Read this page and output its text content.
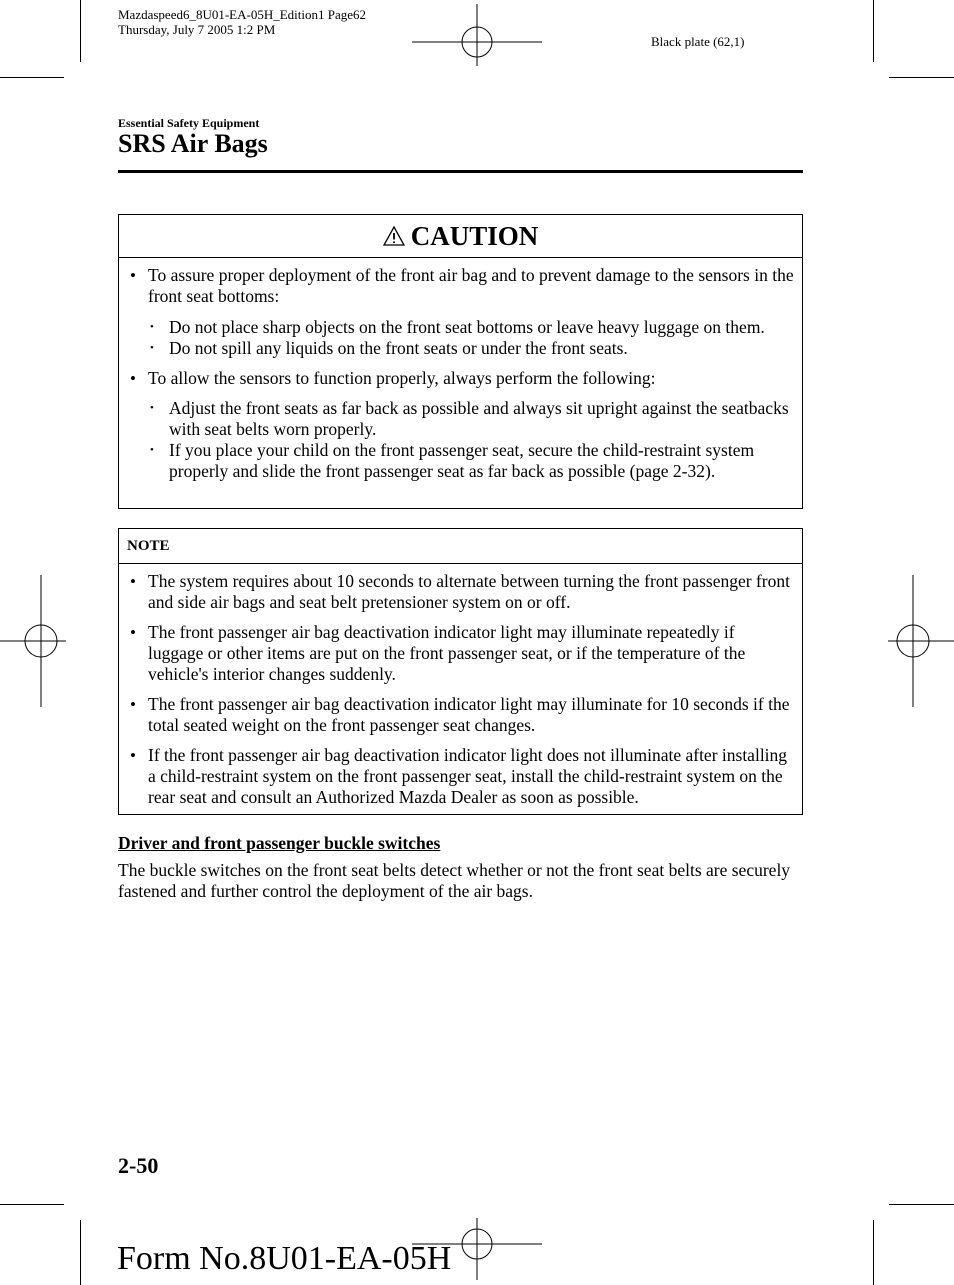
Mazdaspeed6_8U01-EA-05H_Edition1 Page62
Thursday, July 7 2005 1:2 PM
Black plate (62,1)
Essential Safety Equipment
SRS Air Bags
CAUTION
• To assure proper deployment of the front air bag and to prevent damage to the sensors in the front seat bottoms:
• Do not place sharp objects on the front seat bottoms or leave heavy luggage on them.
• Do not spill any liquids on the front seats or under the front seats.
• To allow the sensors to function properly, always perform the following:
• Adjust the front seats as far back as possible and always sit upright against the seatbacks with seat belts worn properly.
• If you place your child on the front passenger seat, secure the child-restraint system properly and slide the front passenger seat as far back as possible (page 2-32).
NOTE
• The system requires about 10 seconds to alternate between turning the front passenger front and side air bags and seat belt pretensioner system on or off.
• The front passenger air bag deactivation indicator light may illuminate repeatedly if luggage or other items are put on the front passenger seat, or if the temperature of the vehicle's interior changes suddenly.
• The front passenger air bag deactivation indicator light may illuminate for 10 seconds if the total seated weight on the front passenger seat changes.
• If the front passenger air bag deactivation indicator light does not illuminate after installing a child-restraint system on the front passenger seat, install the child-restraint system on the rear seat and consult an Authorized Mazda Dealer as soon as possible.
Driver and front passenger buckle switches
The buckle switches on the front seat belts detect whether or not the front seat belts are securely fastened and further control the deployment of the air bags.
2-50
Form No.8U01-EA-05H
